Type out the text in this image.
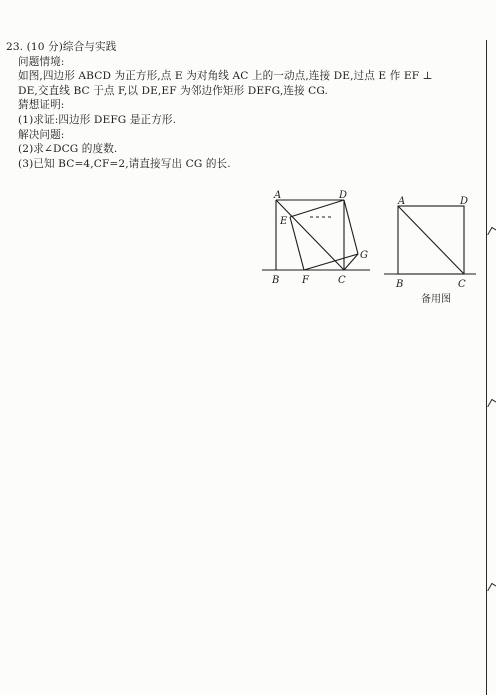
23. (10 分)综合与实践
问题情境:
如图,四边形 ABCD 为正方形,点 E 为对角线 AC 上的一动点,连接 DE,过点 E 作 EF ⊥
DE,交直线 BC 于点 F,以 DE,EF 为邻边作矩形 DEFG,连接 CG.
猜想证明:
(1)求证:四边形 DEFG 是正方形.
解决问题:
(2)求∠DCG 的度数.
(3)已知 BC=4,CF=2,请直接写出 CG 的长.
A	D
E
G
B F	C
A	D
B	C
备用图
